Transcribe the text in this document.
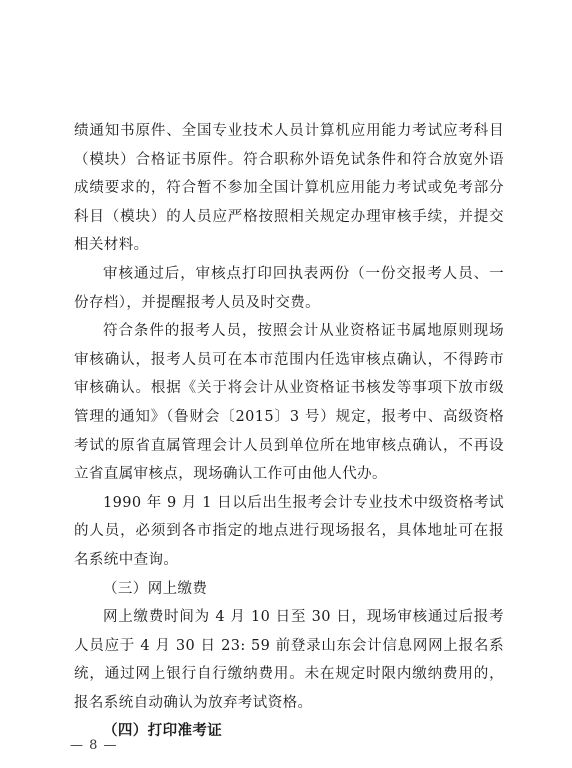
绩通知书原件、全国专业技术人员计算机应用能力考试应考科目（模块）合格证书原件。符合职称外语免试条件和符合放宽外语成绩要求的，符合暂不参加全国计算机应用能力考试或免考部分科目（模块）的人员应严格按照相关规定办理审核手续，并提交相关材料。

审核通过后，审核点打印回执表两份（一份交报考人员、一份存档），并提醒报考人员及时交费。

符合条件的报考人员，按照会计从业资格证书属地原则现场审核确认，报考人员可在本市范围内任选审核点确认，不得跨市审核确认。根据《关于将会计从业资格证书核发等事项下放市级管理的通知》（鲁财会〔2015〕3 号）规定，报考中、高级资格考试的原省直属管理会计人员到单位所在地审核点确认，不再设立省直属审核点，现场确认工作可由他人代办。

1990 年 9 月 1 日以后出生报考会计专业技术中级资格考试的人员，必须到各市指定的地点进行现场报名，具体地址可在报名系统中查询。

（三）网上缴费

网上缴费时间为 4 月 10 日至 30 日，现场审核通过后报考人员应于 4 月 30 日 23: 59 前登录山东会计信息网网上报名系统，通过网上银行自行缴纳费用。未在规定时限内缴纳费用的，报名系统自动确认为放弃考试资格。

（四）打印准考证

— 8 —
